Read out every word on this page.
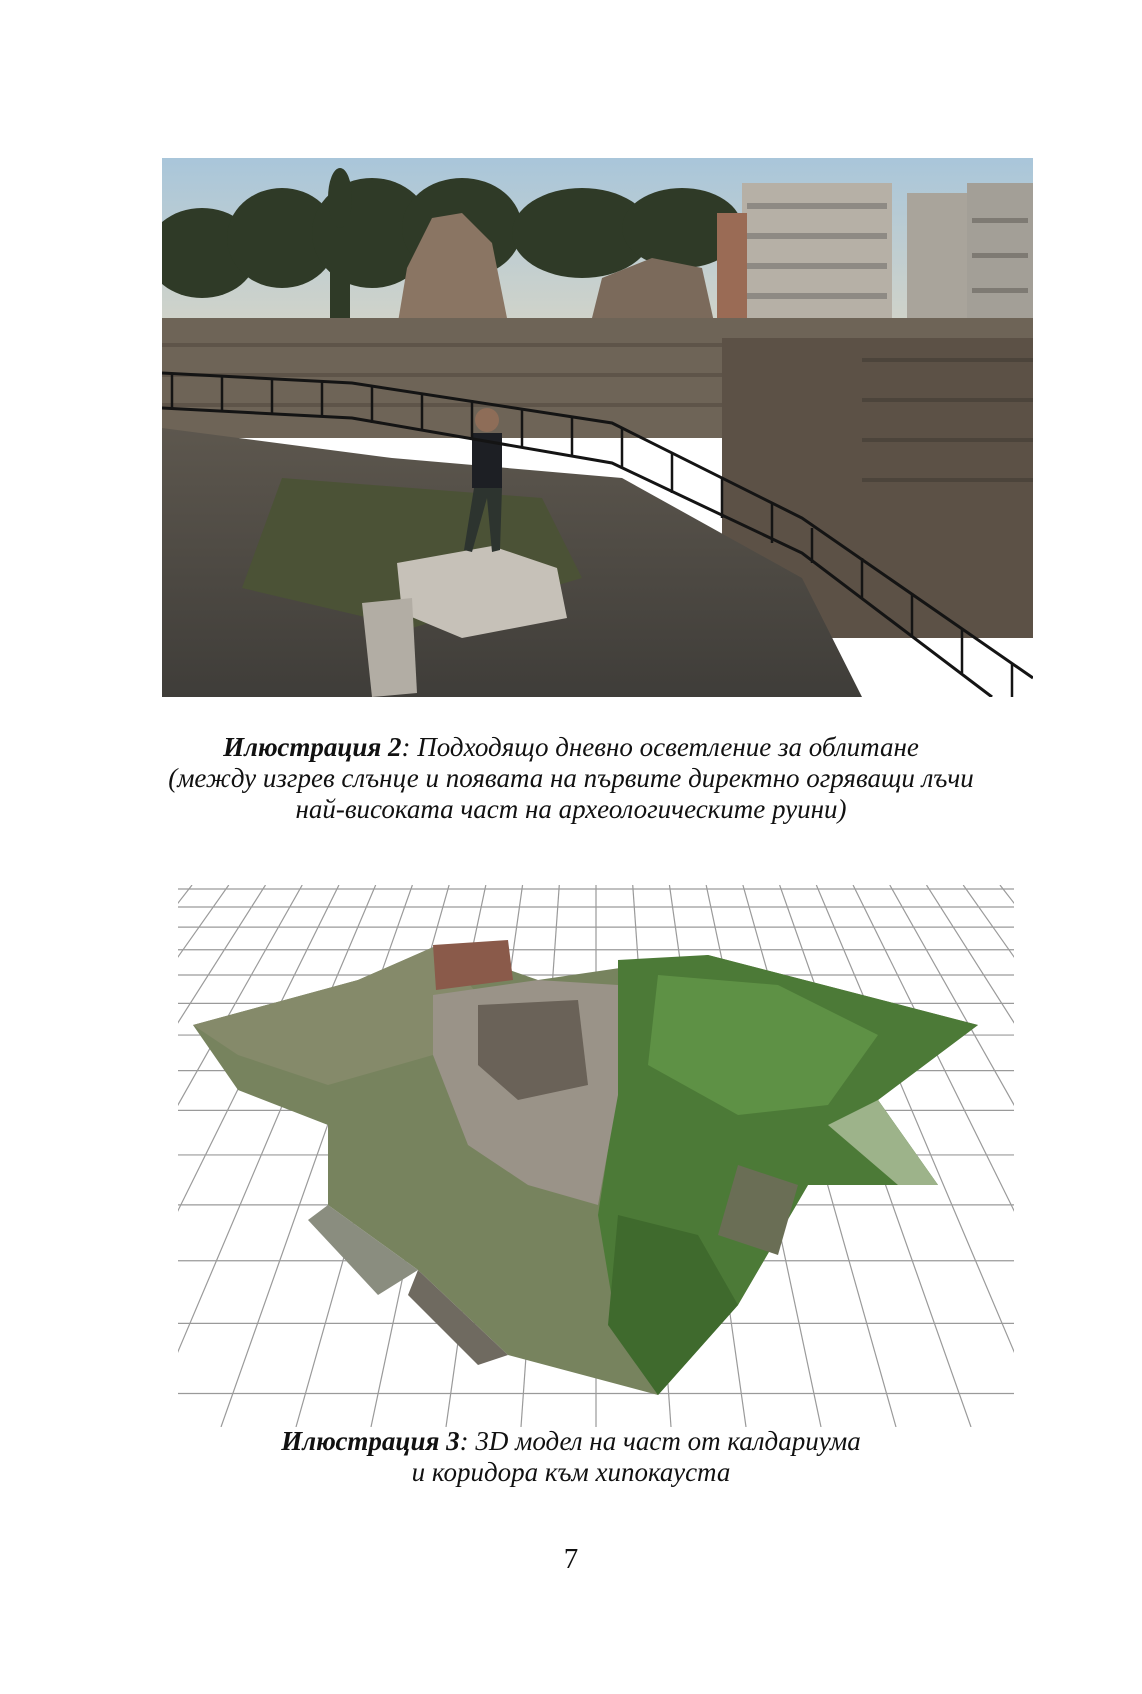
Илюстрация 2: Подходящо дневно осветление за облитане
(между изгрев слънце и появата на първите директно огряващи лъчи
най-високата част на археологическите руини)
Илюстрация 3: 3D модел на част от калдариума
и коридора към хипокауста
7
